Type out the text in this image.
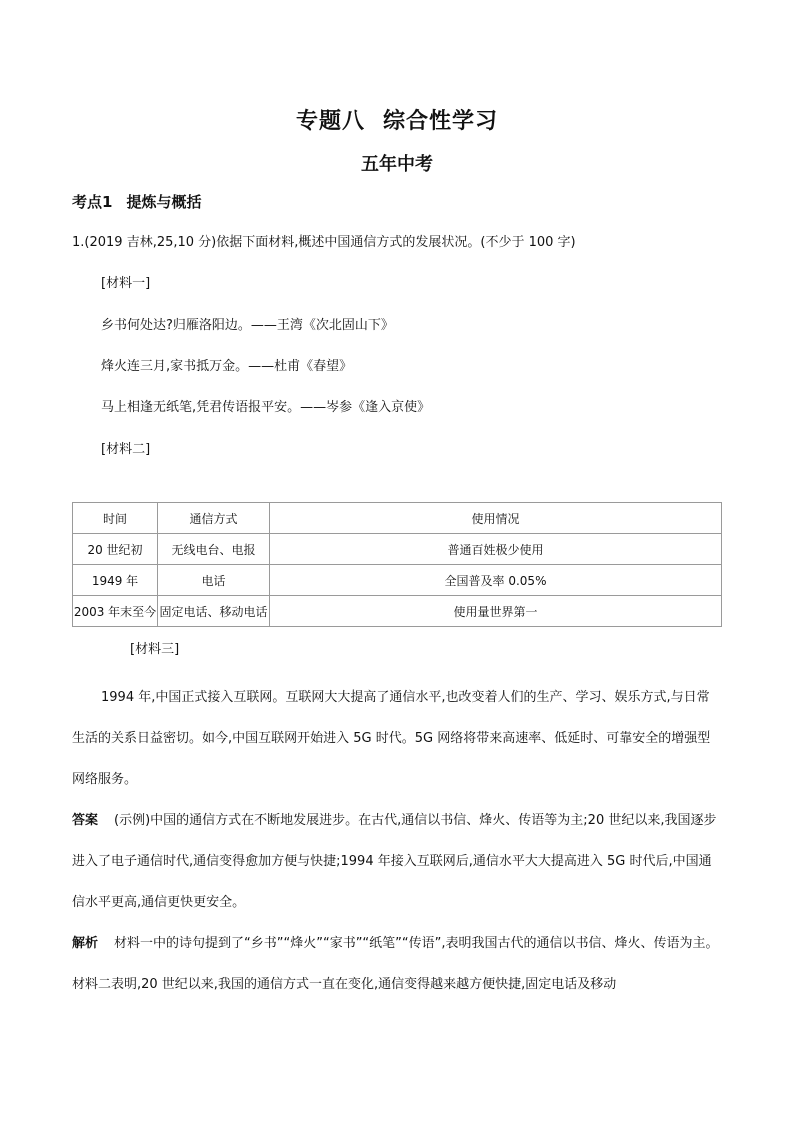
专题八 综合性学习
五年中考
考点1 提炼与概括
1.(2019 吉林,25,10 分)依据下面材料,概述中国通信方式的发展状况。(不少于 100 字)
[材料一]
乡书何处达?归雁洛阳边。——王湾《次北固山下》
烽火连三月,家书抵万金。——杜甫《春望》
马上相逢无纸笔,凭君传语报平安。——岑参《逢入京使》
[材料二]
时间	通信方式	使用情况
20 世纪初	无线电台、电报	普通百姓极少使用
1949 年	电话	全国普及率 0.05%
2003 年末至今	固定电话、移动电话	使用量世界第一
[材料三]
1994 年,中国正式接入互联网。互联网大大提高了通信水平,也改变着人们的生产、学习、娱乐方式,与日常生活的关系日益密切。如今,中国互联网开始进入 5G 时代。5G 网络将带来高速率、低延时、可靠安全的增强型网络服务。
答案 (示例)中国的通信方式在不断地发展进步。在古代,通信以书信、烽火、传语等为主;20 世纪以来,我国逐步进入了电子通信时代,通信变得愈加方便与快捷;1994 年接入互联网后,通信水平大大提高进入 5G 时代后,中国通信水平更高,通信更快更安全。
解析 材料一中的诗句提到了“乡书”“烽火”“家书”“纸笔”“传语”,表明我国古代的通信以书信、烽火、传语为主。材料二表明,20 世纪以来,我国的通信方式一直在变化,通信变得越来越方便快捷,固定电话及移动
